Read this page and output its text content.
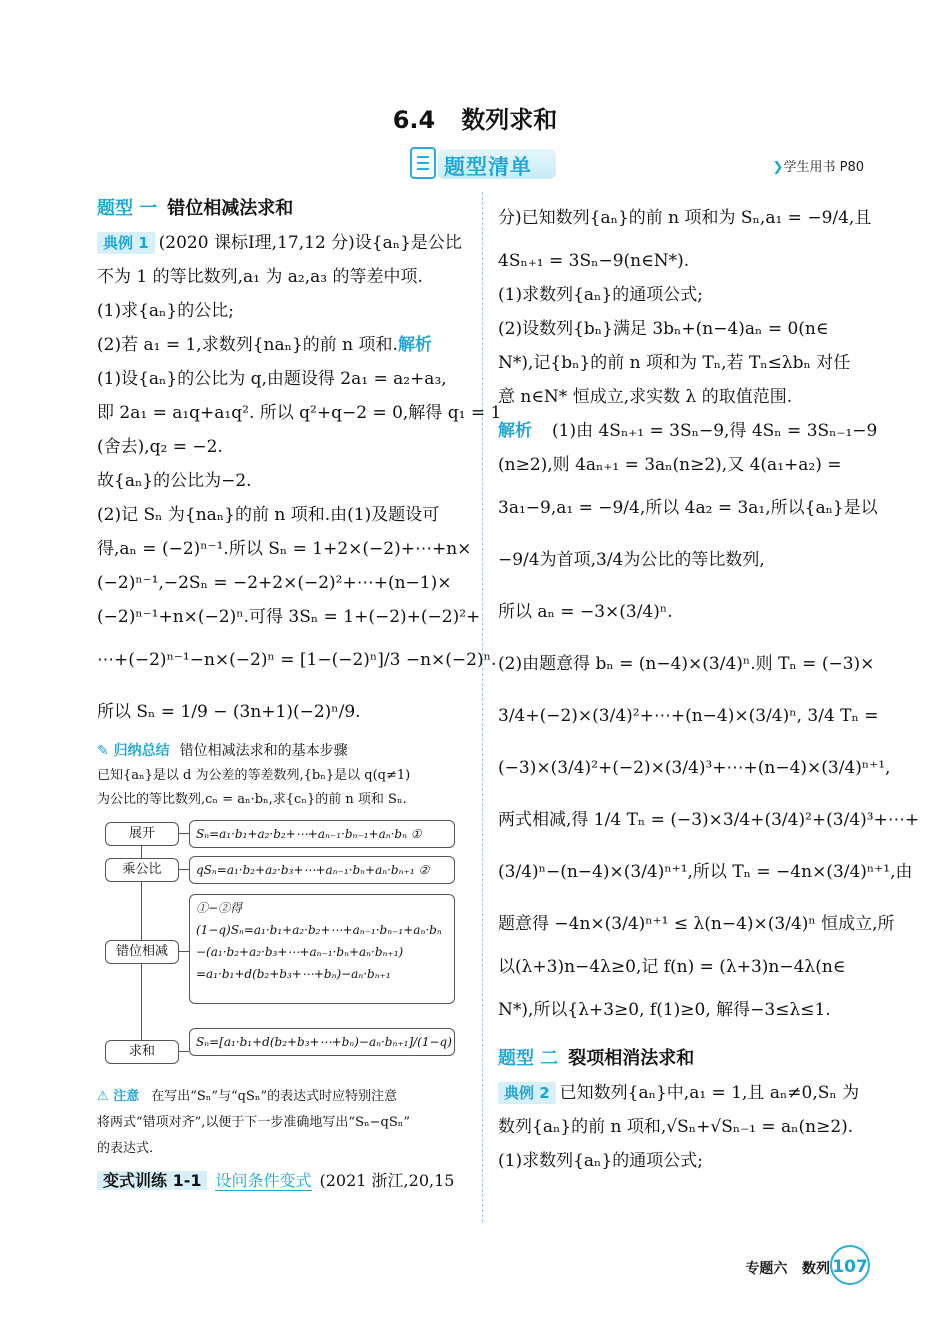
6.4 数列求和
题型清单	❯学生用书 P80
题型 一 错位相减法求和
典例 1 (2020 课标Ⅰ理,17,12 分)设{aₙ}是公比
不为 1 的等比数列,a₁ 为 a₂,a₃ 的等差中项.
(1)求{aₙ}的公比;
(2)若 a₁ = 1,求数列{naₙ}的前 n 项和.解析
(1)设{aₙ}的公比为 q,由题设得 2a₁ = a₂+a₃,
即 2a₁ = a₁q+a₁q². 所以 q²+q−2 = 0,解得 q₁ = 1
(舍去),q₂ = −2.
故{aₙ}的公比为−2.
(2)记 Sₙ 为{naₙ}的前 n 项和.由(1)及题设可
得,aₙ = (−2)ⁿ⁻¹.所以 Sₙ = 1+2×(−2)+⋯+n×
(−2)ⁿ⁻¹,−2Sₙ = −2+2×(−2)²+⋯+(n−1)×
(−2)ⁿ⁻¹+n×(−2)ⁿ.可得 3Sₙ = 1+(−2)+(−2)²+
⋯+(−2)ⁿ⁻¹−n×(−2)ⁿ = [1−(−2)ⁿ]/3 −n×(−2)ⁿ.
所以 Sₙ = 1/9 − (3n+1)(−2)ⁿ/9.
✎ 归纳总结 错位相减法求和的基本步骤
已知{aₙ}是以 d 为公差的等差数列,{bₙ}是以 q(q≠1)
为公比的等比数列,cₙ = aₙ·bₙ,求{cₙ}的前 n 项和 Sₙ.
展开	Sₙ=a₁·b₁+a₂·b₂+⋯+aₙ₋₁·bₙ₋₁+aₙ·bₙ ①
乘公比	qSₙ=a₁·b₂+a₂·b₃+⋯+aₙ₋₁·bₙ+aₙ·bₙ₊₁ ②
错位相减
①−②得
(1−q)Sₙ=a₁·b₁+a₂·b₂+⋯+aₙ₋₁·bₙ₋₁+aₙ·bₙ
−(a₁·b₂+a₂·b₃+⋯+aₙ₋₁·bₙ+aₙ·bₙ₊₁)
=a₁·b₁+d(b₂+b₃+⋯+bₙ)−aₙ·bₙ₊₁
求和
Sₙ=[a₁·b₁+d(b₂+b₃+⋯+bₙ)−aₙ·bₙ₊₁]/(1−q)
⚠ 注意 在写出“Sₙ”与“qSₙ”的表达式时应特别注意
将两式“错项对齐”,以便于下一步准确地写出“Sₙ−qSₙ”
的表达式.
变式训练 1-1 设问条件变式 (2021 浙江,20,15
分)已知数列{aₙ}的前 n 项和为 Sₙ,a₁ = −9/4,且
4Sₙ₊₁ = 3Sₙ−9(n∈N*).
(1)求数列{aₙ}的通项公式;
(2)设数列{bₙ}满足 3bₙ+(n−4)aₙ = 0(n∈
N*),记{bₙ}的前 n 项和为 Tₙ,若 Tₙ≤λbₙ 对任
意 n∈N* 恒成立,求实数 λ 的取值范围.
解析 (1)由 4Sₙ₊₁ = 3Sₙ−9,得 4Sₙ = 3Sₙ₋₁−9
(n≥2),则 4aₙ₊₁ = 3aₙ(n≥2),又 4(a₁+a₂) =
3a₁−9,a₁ = −9/4,所以 4a₂ = 3a₁,所以{aₙ}是以
−9/4为首项,3/4为公比的等比数列,
所以 aₙ = −3×(3/4)ⁿ.
(2)由题意得 bₙ = (n−4)×(3/4)ⁿ.则 Tₙ = (−3)×
3/4+(−2)×(3/4)²+⋯+(n−4)×(3/4)ⁿ, 3/4 Tₙ =
(−3)×(3/4)²+(−2)×(3/4)³+⋯+(n−4)×(3/4)ⁿ⁺¹,
两式相减,得 1/4 Tₙ = (−3)×3/4+(3/4)²+(3/4)³+⋯+
(3/4)ⁿ−(n−4)×(3/4)ⁿ⁺¹,所以 Tₙ = −4n×(3/4)ⁿ⁺¹,由
题意得 −4n×(3/4)ⁿ⁺¹ ≤ λ(n−4)×(3/4)ⁿ 恒成立,所
以(λ+3)n−4λ≥0,记 f(n) = (λ+3)n−4λ(n∈
N*),所以{λ+3≥0, f(1)≥0, 解得−3≤λ≤1.
题型 二 裂项相消法求和
典例 2 已知数列{aₙ}中,a₁ = 1,且 aₙ≠0,Sₙ 为
数列{aₙ}的前 n 项和,√Sₙ+√Sₙ₋₁ = aₙ(n≥2).
(1)求数列{aₙ}的通项公式;
专题六 数列 107
